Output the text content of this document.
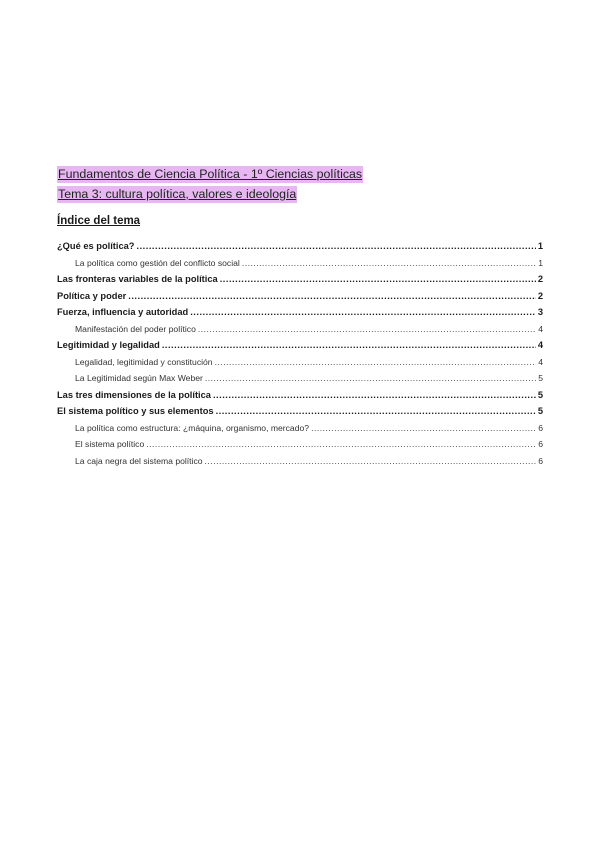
Fundamentos de Ciencia Política - 1º Ciencias políticas
Tema 3: cultura política, valores e ideología
Índice del tema
¿Qué es política? .....	1
La política como gestión del conflicto social .....	1
Las fronteras variables de la política .....	2
Política y poder .....	2
Fuerza, influencia y autoridad .....	3
Manifestación del poder político .....	4
Legitimidad y legalidad .....	4
Legalidad, legitimidad y constitución .....	4
La Legitimidad según Max Weber .....	5
Las tres dimensiones de la política .....	5
El sistema político y sus elementos .....	5
La política como estructura: ¿máquina, organismo, mercado? .....	6
El sistema político .....	6
La caja negra del sistema político .....	6
